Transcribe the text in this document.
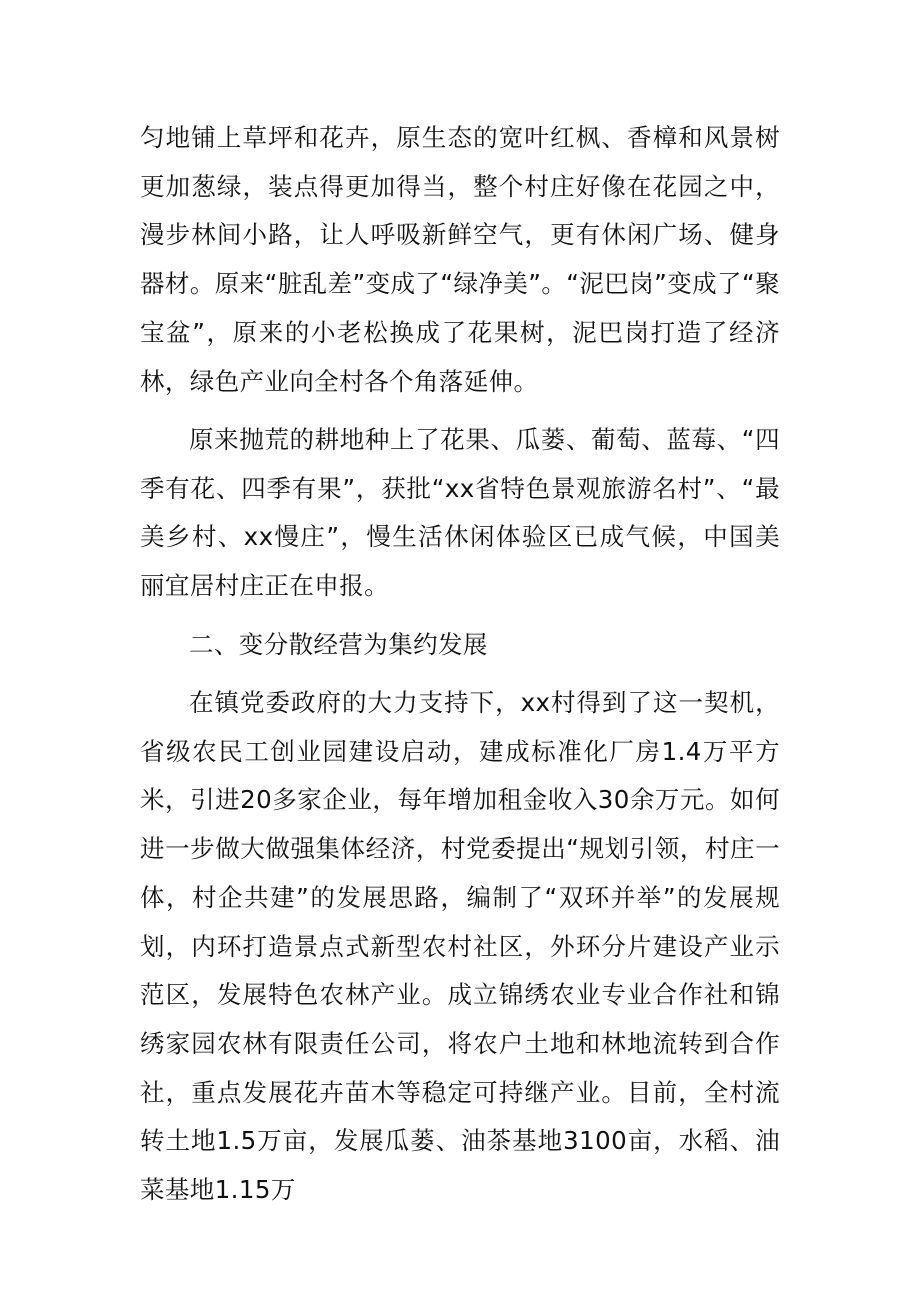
匀地铺上草坪和花卉，原生态的宽叶红枫、香樟和风景树更加葱绿，装点得更加得当，整个村庄好像在花园之中，漫步林间小路，让人呼吸新鲜空气，更有休闲广场、健身器材。原来“脏乱差”变成了“绿净美”。“泥巴岗”变成了“聚宝盆”，原来的小老松换成了花果树，泥巴岗打造了经济林，绿色产业向全村各个角落延伸。

原来抛荒的耕地种上了花果、瓜蒌、葡萄、蓝莓、“四季有花、四季有果”，获批“xx省特色景观旅游名村”、“最美乡村、xx慢庄”，慢生活休闲体验区已成气候，中国美丽宜居村庄正在申报。

二、变分散经营为集约发展

在镇党委政府的大力支持下，xx村得到了这一契机，省级农民工创业园建设启动，建成标准化厂房1.4万平方米，引进20多家企业，每年增加租金收入30余万元。如何进一步做大做强集体经济，村党委提出“规划引领，村庄一体，村企共建”的发展思路，编制了“双环并举”的发展规划，内环打造景点式新型农村社区，外环分片建设产业示范区，发展特色农林产业。成立锦绣农业专业合作社和锦绣家园农林有限责任公司，将农户土地和林地流转到合作社，重点发展花卉苗木等稳定可持继产业。目前，全村流转土地1.5万亩，发展瓜蒌、油茶基地3100亩，水稻、油菜基地1.15万
